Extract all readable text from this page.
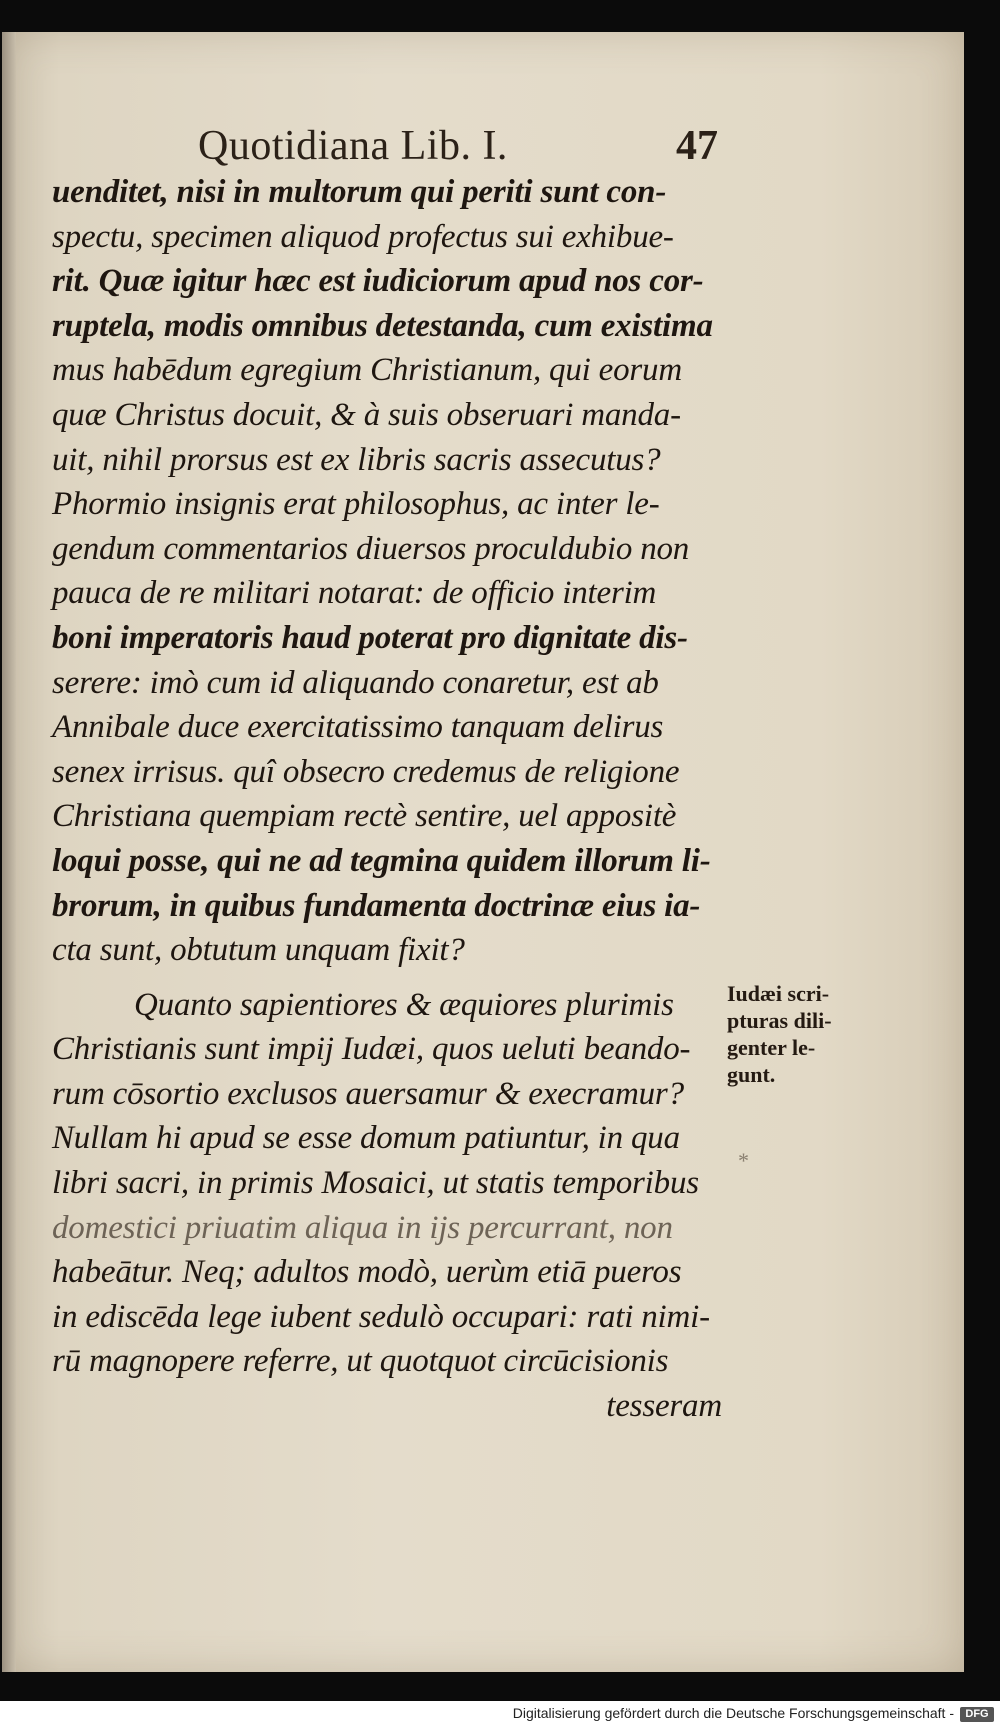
Quotidiana Lib. I.	47
uenditet, nisi in multorum qui periti sunt con-
spectu, specimen aliquod profectus sui exhibue-
rit. Quæ igitur hæc est iudiciorum apud nos cor-
ruptela, modis omnibus detestanda, cum existima
mus habēdum egregium Christianum, qui eorum
quæ Christus docuit, & à suis obseruari manda-
uit, nihil prorsus est ex libris sacris assecutus?
Phormio insignis erat philosophus, ac inter le-
gendum commentarios diuersos proculdubio non
pauca de re militari notarat: de officio interim
boni imperatoris haud poterat pro dignitate dis-
serere: imò cum id aliquando conaretur, est ab
Annibale duce exercitatissimo tanquam delirus
senex irrisus. quî obsecro credemus de religione
Christiana quempiam rectè sentire, uel appositè
loqui posse, qui ne ad tegmina quidem illorum li-
brorum, in quibus fundamenta doctrinæ eius ia-
cta sunt, obtutum unquam fixit?
Quanto sapientiores & æquiores plurimis
Christianis sunt impij Iudæi, quos ueluti beando-
rum cōsortio exclusos auersamur & execramur?
Nullam hi apud se esse domum patiuntur, in qua
libri sacri, in primis Mosaici, ut statis temporibus
domestici priuatim aliqua in ijs percurrant, non
habeātur. Neq; adultos modò, uerùm etiā pueros
in ediscēda lege iubent sedulò occupari: rati nimi-
rū magnopere referre, ut quotquot circūcisionis
tesseram
Iudæi scri-
pturas dili-
genter le-
gunt.
*
Digitalisierung gefördert durch die Deutsche Forschungsgemeinschaft -	DFG
